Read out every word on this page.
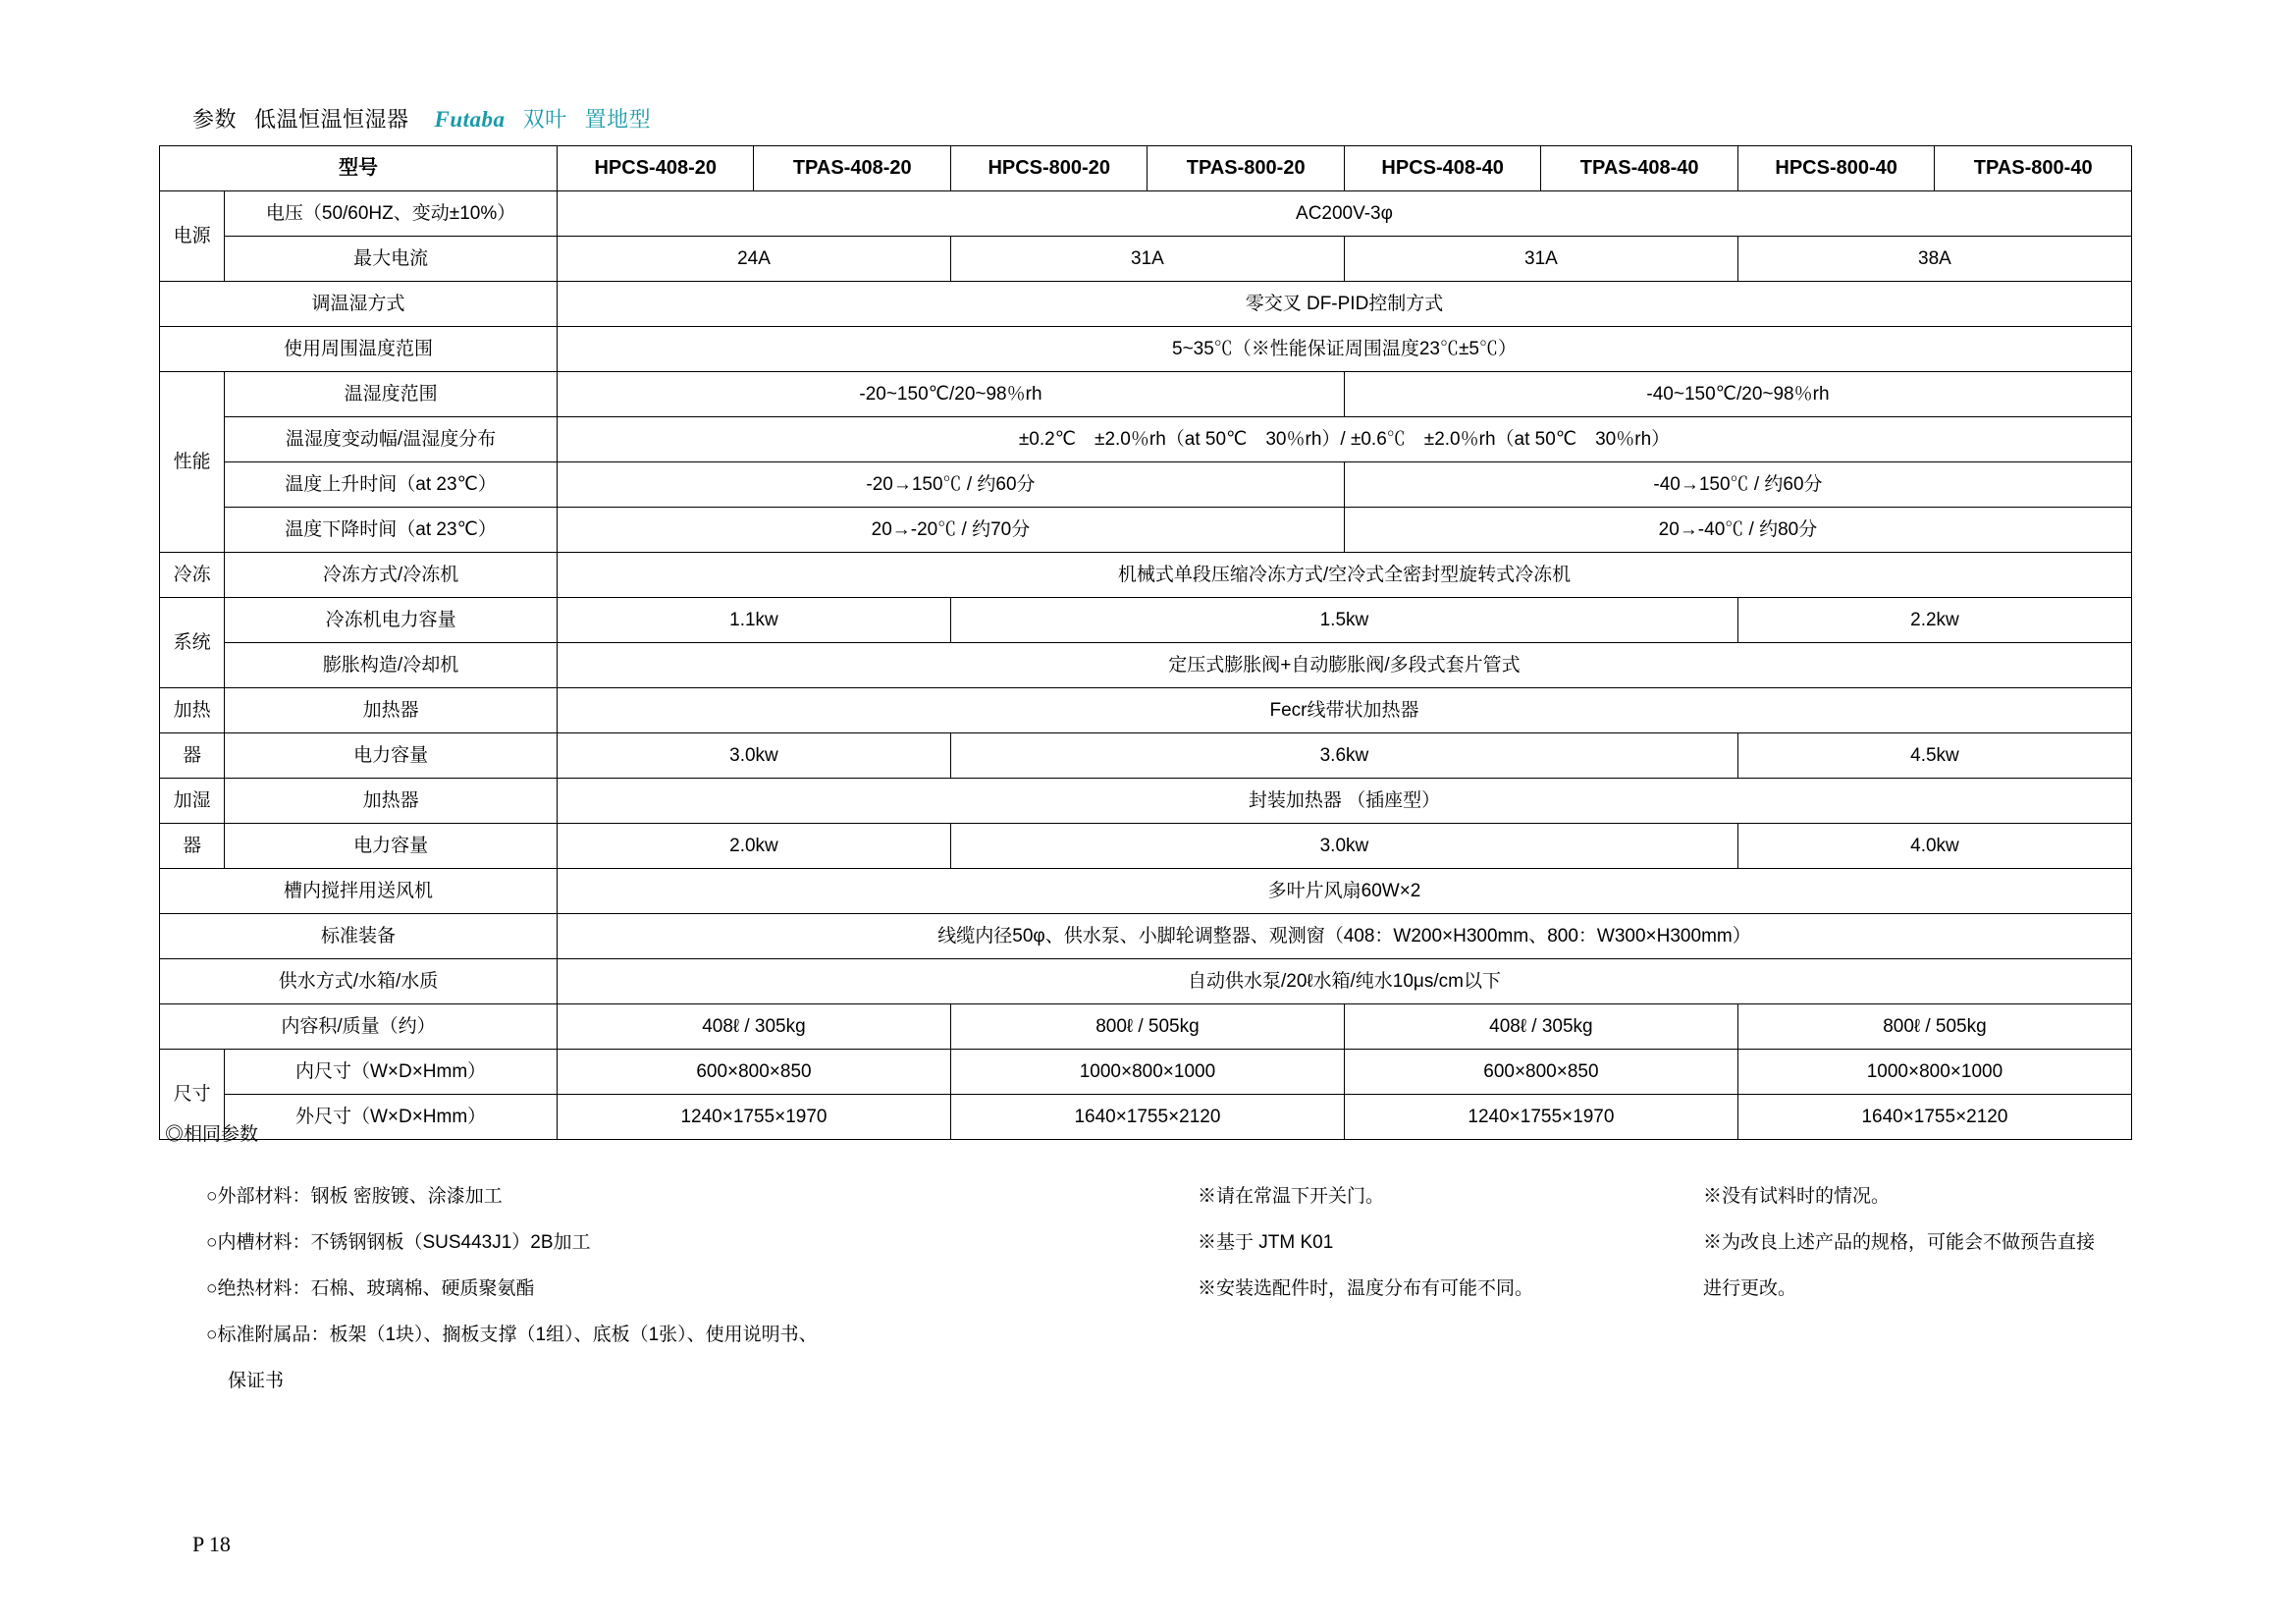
参数 低温恒温恒湿器 Futaba 双叶 置地型
型号		HPCS-408-20	TPAS-408-20	HPCS-800-20	TPAS-800-20	HPCS-408-40	TPAS-408-40	HPCS-800-40	TPAS-800-40
电源	电压（50/60HZ、变动±10%）	AC200V-3φ							
	最大电流	24A		31A		31A		38A	
调温湿方式		零交叉 DF-PID控制方式							
使用周围温度范围		5~35℃（※性能保证周围温度23℃±5℃）							
性能	温湿度范围	-20~150℃/20~98％rh				-40~150℃/20~98％rh			
	温湿度变动幅/温湿度分布	±0.2℃　±2.0％rh（at 50℃　30％rh）/ ±0.6℃　±2.0％rh（at 50℃　30％rh）							
	温度上升时间（at 23℃）	-20→150℃ / 约60分				-40→150℃ / 约60分			
	温度下降时间（at 23℃）	20→-20℃ / 约70分				20→-40℃ / 约80分			
冷冻	冷冻方式/冷冻机	机械式单段压缩冷冻方式/空冷式全密封型旋转式冷冻机							
系统	冷冻机电力容量	1.1kw		1.5kw				2.2kw	
	膨胀构造/冷却机	定压式膨胀阀+自动膨胀阀/多段式套片管式							
加热	加热器	Fecr线带状加热器							
器	电力容量	3.0kw		3.6kw				4.5kw	
加湿	加热器	封装加热器 （插座型）							
器	电力容量	2.0kw		3.0kw				4.0kw	
槽内搅拌用送风机		多叶片风扇60W×2							
标准装备		线缆内径50φ、供水泵、小脚轮调整器、观测窗（408：W200×H300mm、800：W300×H300mm）							
供水方式/水箱/水质		自动供水泵/20ℓ水箱/纯水10μs/cm以下							
内容积/质量（约）		408ℓ / 305kg		800ℓ / 505kg		408ℓ / 305kg		800ℓ / 505kg	
尺寸	内尺寸（W×D×Hmm）	600×800×850		1000×800×1000		600×800×850		1000×800×1000	
	外尺寸（W×D×Hmm）	1240×1755×1970		1640×1755×2120		1240×1755×1970		1640×1755×2120	
◎相同参数

○外部材料：钢板 密胺镀、涂漆加工

○内槽材料：不锈钢钢板（SUS443J1）2B加工

○绝热材料：石棉、玻璃棉、硬质聚氨酯

○标准附属品：板架（1块）、搁板支撑（1组）、底板（1张）、使用说明书、

保证书

※请在常温下开关门。

※基于 JTM K01

※安装选配件时，温度分布有可能不同。

※没有试料时的情况。

※为改良上述产品的规格，可能会不做预告直接

进行更改。

P 18
